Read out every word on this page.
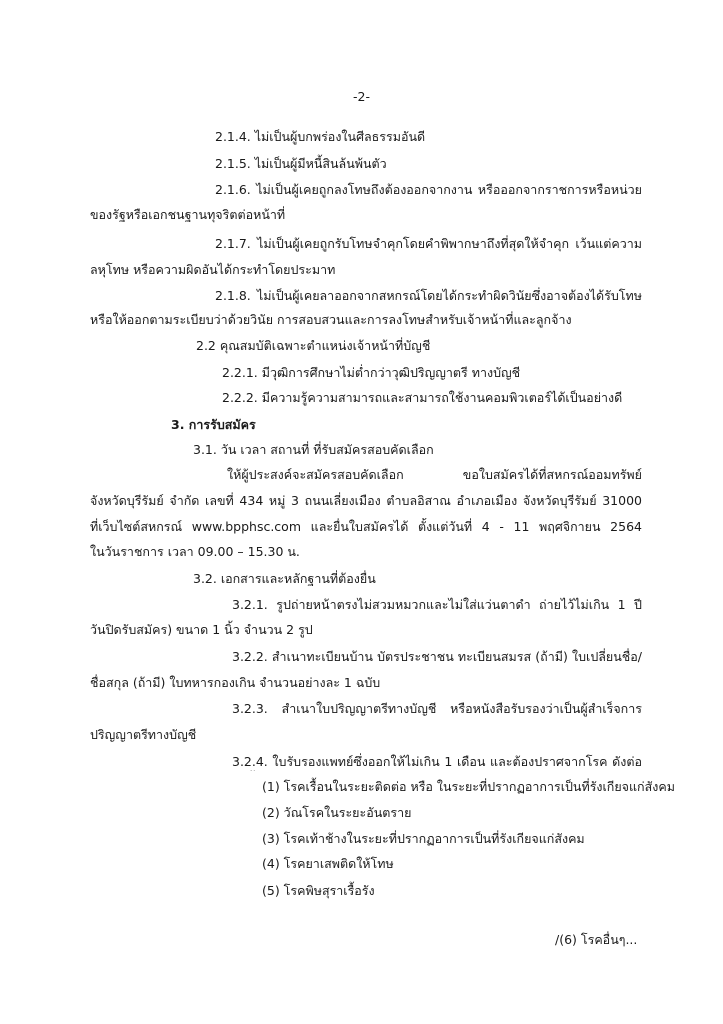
-2-
2.1.4. ไม่เป็นผู้บกพร่องในศีลธรรมอันดี
2.1.5. ไม่เป็นผู้มีหนี้สินล้นพ้นตัว
2.1.6. ไม่เป็นผู้เคยถูกลงโทษถึงต้องออกจากงาน หรือออกจากราชการหรือหน่วย
ของรัฐหรือเอกชนฐานทุจริตต่อหน้าที่
2.1.7. ไม่เป็นผู้เคยถูกรับโทษจำคุกโดยคำพิพากษาถึงที่สุดให้จำคุก เว้นแต่ความ
ลหุโทษ หรือความผิดอันได้กระทำโดยประมาท
2.1.8. ไม่เป็นผู้เคยลาออกจากสหกรณ์โดยได้กระทำผิดวินัยซึ่งอาจต้องได้รับโทษ
หรือให้ออกตามระเบียบว่าด้วยวินัย การสอบสวนและการลงโทษสำหรับเจ้าหน้าที่และลูกจ้าง
2.2 คุณสมบัติเฉพาะตำแหน่งเจ้าหน้าที่บัญชี
2.2.1. มีวุฒิการศึกษาไม่ต่ำกว่าวุฒิปริญญาตรี ทางบัญชี
2.2.2. มีความรู้ความสามารถและสามารถใช้งานคอมพิวเตอร์ได้เป็นอย่างดี
3. การรับสมัคร
3.1. วัน เวลา สถานที่ ที่รับสมัครสอบคัดเลือก
ให้ผู้ประสงค์จะสมัครสอบคัดเลือก ขอใบสมัครได้ที่สหกรณ์ออมทรัพย์
จังหวัดบุรีรัมย์ จำกัด เลขที่ 434 หมู่ 3 ถนนเลี่ยงเมือง ตำบลอิสาณ อำเภอเมือง จังหวัดบุรีรัมย์ 31000
ที่เว็บไซต์สหกรณ์ www.bpphsc.com และยื่นใบสมัครได้ ตั้งแต่วันที่ 4 - 11 พฤศจิกายน 2564
ในวันราชการ เวลา 09.00 – 15.30 น.
3.2. เอกสารและหลักฐานที่ต้องยื่น
3.2.1. รูปถ่ายหน้าตรงไม่สวมหมวกและไม่ใส่แว่นตาดำ ถ่ายไว้ไม่เกิน 1 ปี
วันปิดรับสมัคร) ขนาด 1 นิ้ว จำนวน 2 รูป
3.2.2. สำเนาทะเบียนบ้าน บัตรประชาชน ทะเบียนสมรส (ถ้ามี) ใบเปลี่ยนชื่อ/
ชื่อสกุล (ถ้ามี) ใบทหารกองเกิน จำนวนอย่างละ 1 ฉบับ
3.2.3. สำเนาใบปริญญาตรีทางบัญชี หรือหนังสือรับรองว่าเป็นผู้สำเร็จการ
ปริญญาตรีทางบัญชี
3.2.4. ใบรับรองแพทย์ซึ่งออกให้ไม่เกิน 1 เดือน และต้องปราศจากโรค ดังต่อ
(1) โรคเรื้อนในระยะติดต่อ หรือ ในระยะที่ปรากฏอาการเป็นที่รังเกียจแก่สังคม
(2) วัณโรคในระยะอันตราย
(3) โรคเท้าช้างในระยะที่ปรากฏอาการเป็นที่รังเกียจแก่สังคม
(4) โรคยาเสพติดให้โทษ
(5) โรคพิษสุราเรื้อรัง
/(6) โรคอื่นๆ...
